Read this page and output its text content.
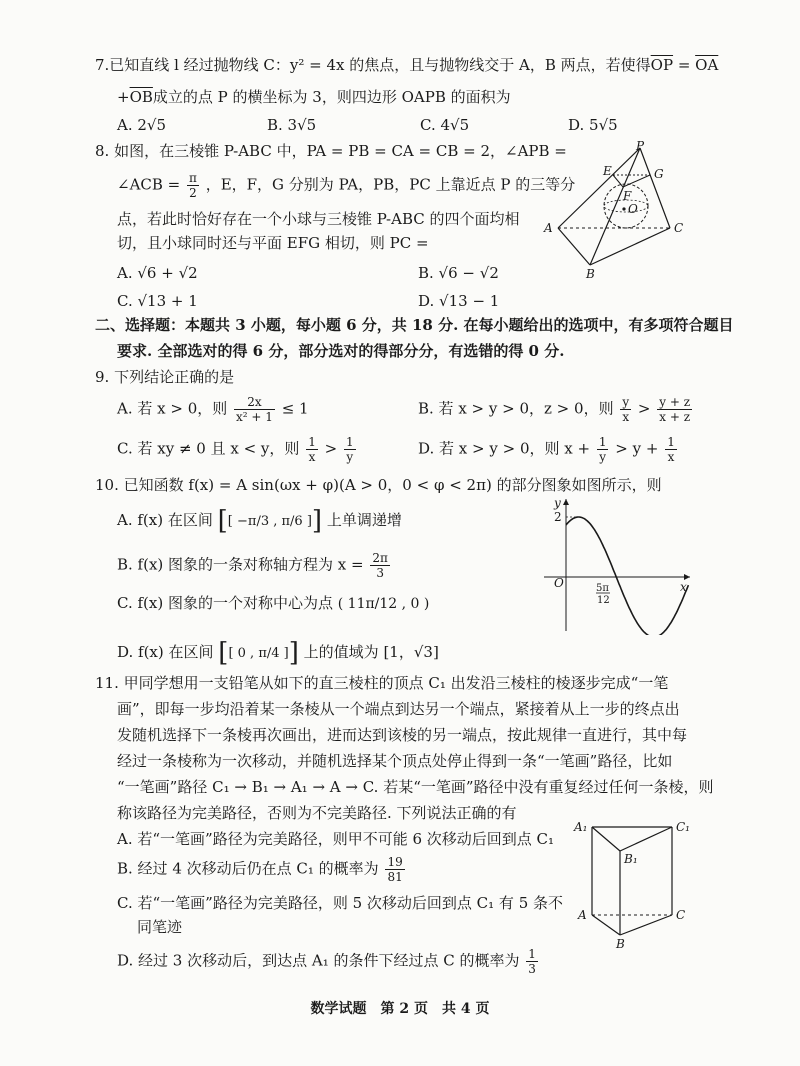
7.已知直线 l 经过抛物线 C：y² = 4x 的焦点，且与抛物线交于 A，B 两点，若使得$\overline{OP} = \overline{OA}$
$+\overline{OB}$成立的点 P 的横坐标为 3，则四边形 OAPB 的面积为
A. 2√5	B. 3√5	C. 4√5	D. 5√5
8. 如图，在三棱锥 P-ABC 中，PA = PB = CA = CB = 2，∠APB =
∠ACB = $\frac{\pi}{2}$ ，E，F，G 分别为 PA，PB，PC 上靠近点 P 的三等分
点，若此时恰好存在一个小球与三棱锥 P-ABC 的四个面均相
切，且小球同时还与平面 EFG 相切，则 PC =
A. √6 + √2	B. √6 − √2
C. √13 + 1	D. √13 − 1
P
E	G
F
O
A	C
B
二、选择题：本题共 3 小题，每小题 6 分，共 18 分. 在每小题给出的选项中，有多项符合题目
要求. 全部选对的得 6 分，部分选对的得部分分，有选错的得 0 分.
9. 下列结论正确的是
A. 若 x > 0，则 $\frac{2x}{\text{x² + 1}} \le 1$	B. 若 x > y > 0，z > 0，则 $\frac{y}{x} > \frac{y + z}{x + z}$
C. 若 xy ≠ 0 且 x < y，则 $\frac{1}{x} > \frac{1}{y}$	D. 若 x > y > 0，则 $x + \frac{1}{y} > y + \frac{1}{x}$
10. 已知函数 f(x) = A sin(ωx + φ)(A > 0，0 < φ < 2π) 的部分图象如图所示，则
A. f(x) 在区间 [[ −π/3 , π/6 ]] 上单调递增
B. f(x) 图象的一条对称轴方程为 $x = \frac{2\pi}{3}$
C. f(x) 图象的一个对称中心为点 ( 11π/12 , 0 )
D. f(x) 在区间 [[ 0 , π/4 ]] 上的值域为 [1，√3]
y
x
O
2
5π
12
11. 甲同学想用一支铅笔从如下的直三棱柱的顶点 C₁ 出发沿三棱柱的棱逐步完成“一笔
画”，即每一步均沿着某一条棱从一个端点到达另一个端点，紧接着从上一步的终点出
发随机选择下一条棱再次画出，进而达到该棱的另一端点，按此规律一直进行，其中每
经过一条棱称为一次移动，并随机选择某个顶点处停止得到一条“一笔画”路径，比如
“一笔画”路径 C₁ → B₁ → A₁ → A → C. 若某“一笔画”路径中没有重复经过任何一条棱，则
称该路径为完美路径，否则为不完美路径. 下列说法正确的有
A. 若“一笔画”路径为完美路径，则甲不可能 6 次移动后回到点 C₁
B. 经过 4 次移动后仍在点 C₁ 的概率为 $\frac{19}{81}$
C. 若“一笔画”路径为完美路径，则 5 次移动后回到点 C₁ 有 5 条不
同笔迹
D. 经过 3 次移动后，到达点 A₁ 的条件下经过点 C 的概率为 $\frac{1}{3}$
A₁	C₁
B₁
A	C
B
数学试题　第 2 页　共 4 页
